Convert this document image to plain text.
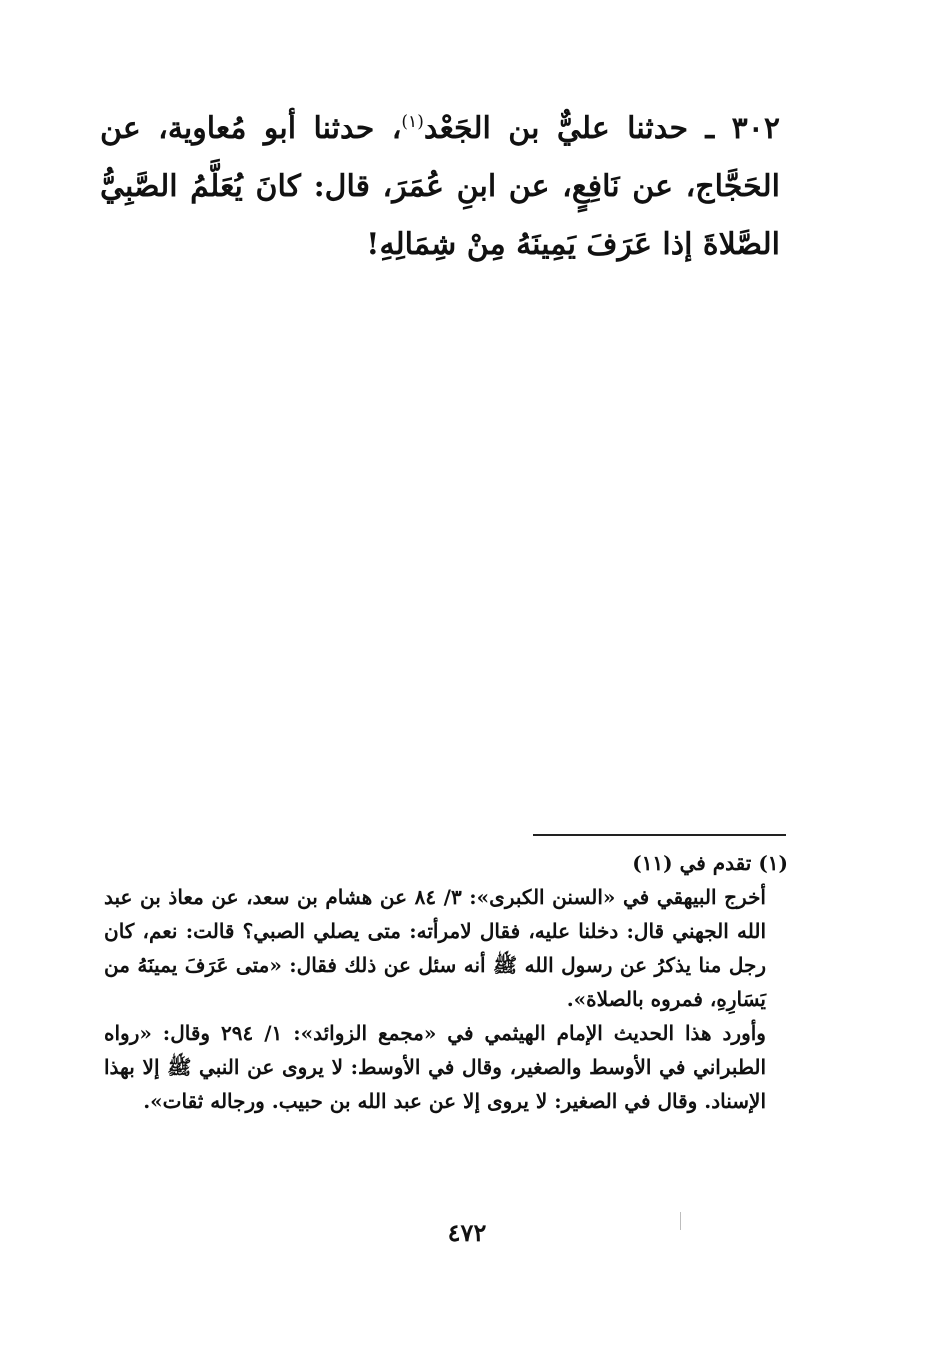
٣٠٢ ـ حدثنا عليٌّ بن الجَعْد$^{(١)}$، حدثنا أبو مُعاوية، عن الحَجَّاج، عن نَافِعٍ، عن ابنِ عُمَرَ، قال: كانَ يُعَلَّمُ الصَّبِيُّ الصَّلاةَ إذا عَرَفَ يَمِينَهُ مِنْ شِمَالِهِ!

(١) تقدم في (١١)

أخرج البيهقي في «السنن الكبرى»: ٣/ ٨٤ عن هشام بن سعد، عن معاذ بن عبد الله الجهني قال: دخلنا عليه، فقال لامرأته: متى يصلي الصبي؟ قالت: نعم، كان رجل منا يذكرُ عن رسول الله ﷺ أنه سئل عن ذلك فقال: «متى عَرَفَ يمينَهُ من يَسَارِهِ، فمروه بالصلاة».

وأورد هذا الحديث الإمام الهيثمي في «مجمع الزوائد»: ١/ ٢٩٤ وقال: «رواه الطبراني في الأوسط والصغير، وقال في الأوسط: لا يروى عن النبي ﷺ إلا بهذا الإسناد. وقال في الصغير: لا يروى إلا عن عبد الله بن حبيب. ورجاله ثقات».

٤٧٢
